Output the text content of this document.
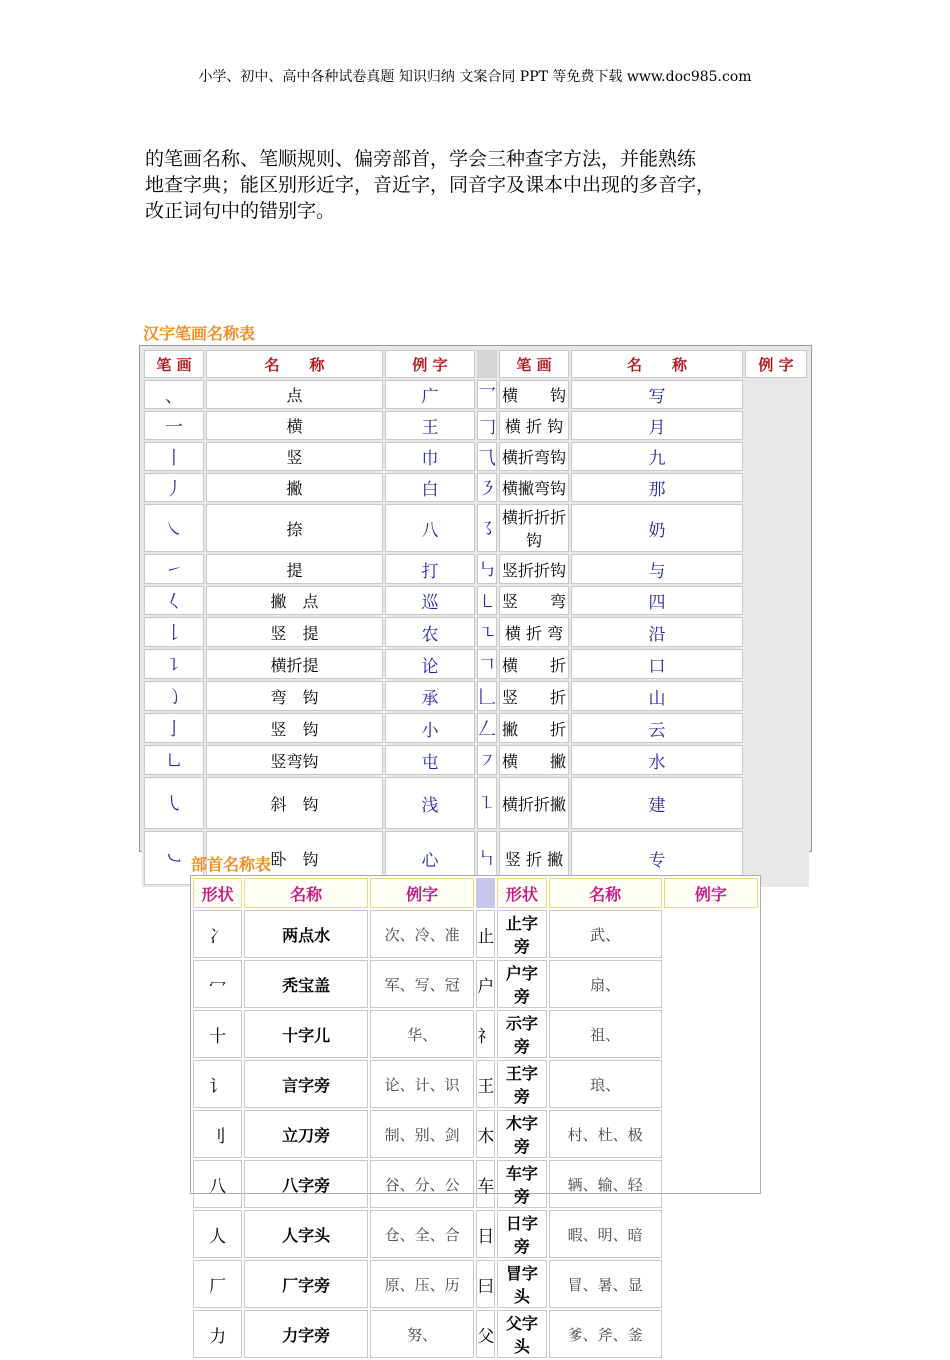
小学、初中、高中各种试卷真题 知识归纳 文案合同 PPT 等免费下载 www.doc985.com

的笔画名称、笔顺规则、偏旁部首，学会三种查字方法，并能熟练

地查字典；能区别形近字，音近字，同音字及课本中出现的多音字，

改正词句中的错别字。

汉字笔画名称表
笔 画	名　　称	例 字		笔 画	名　　称	例 字
、	点	广	乛	横　　钩	写	
一	横	王	𠃌	横 折 钩	月	
丨	竖	巾	⺄	横折弯钩	九	
丿	撇	白	㇋	横撇弯钩	那	
㇏	捺	八	㇌	横折折折钩	奶	
㇀	提	打	㇉	竖折折钩	与	
𡿨	撇　点	巡	㇄	竖　　弯	四	
𠄌	竖　提	农	㇍	横 折 弯	沿	
㇊	横折提	论	𠃍	横　　折	口	
㇁	弯　钩	承	𠃊	竖　　折	山	
亅	竖　钩	小	𠃋	撇　　折	云	
㇟	竖弯钩	屯	㇇	横　　撇	水	
㇂	斜　钩	浅	㇅	横折折撇	建	
㇃	卧　钩	心	㇞	竖 折 撇	专	
部首名称表
形状	名称	例字		形状	名称	例字
冫	两点水	次、冷、准	止	止字旁	武、	
冖	秃宝盖	军、写、冠	户	户字旁	扇、	
十	十字儿	华、	礻	示字旁	祖、	
讠	言字旁	论、计、识	王	王字旁	琅、	
刂	立刀旁	制、别、剑	木	木字旁	村、杜、极	
八	八字旁	谷、分、公	车	车字旁	辆、输、轻	
人	人字头	仓、全、合	日	日字旁	暇、明、暗	
厂	厂字旁	原、压、历	曰	冒字头	冒、暑、显	
力	力字旁	努、	父	父字头	爹、斧、釜	
